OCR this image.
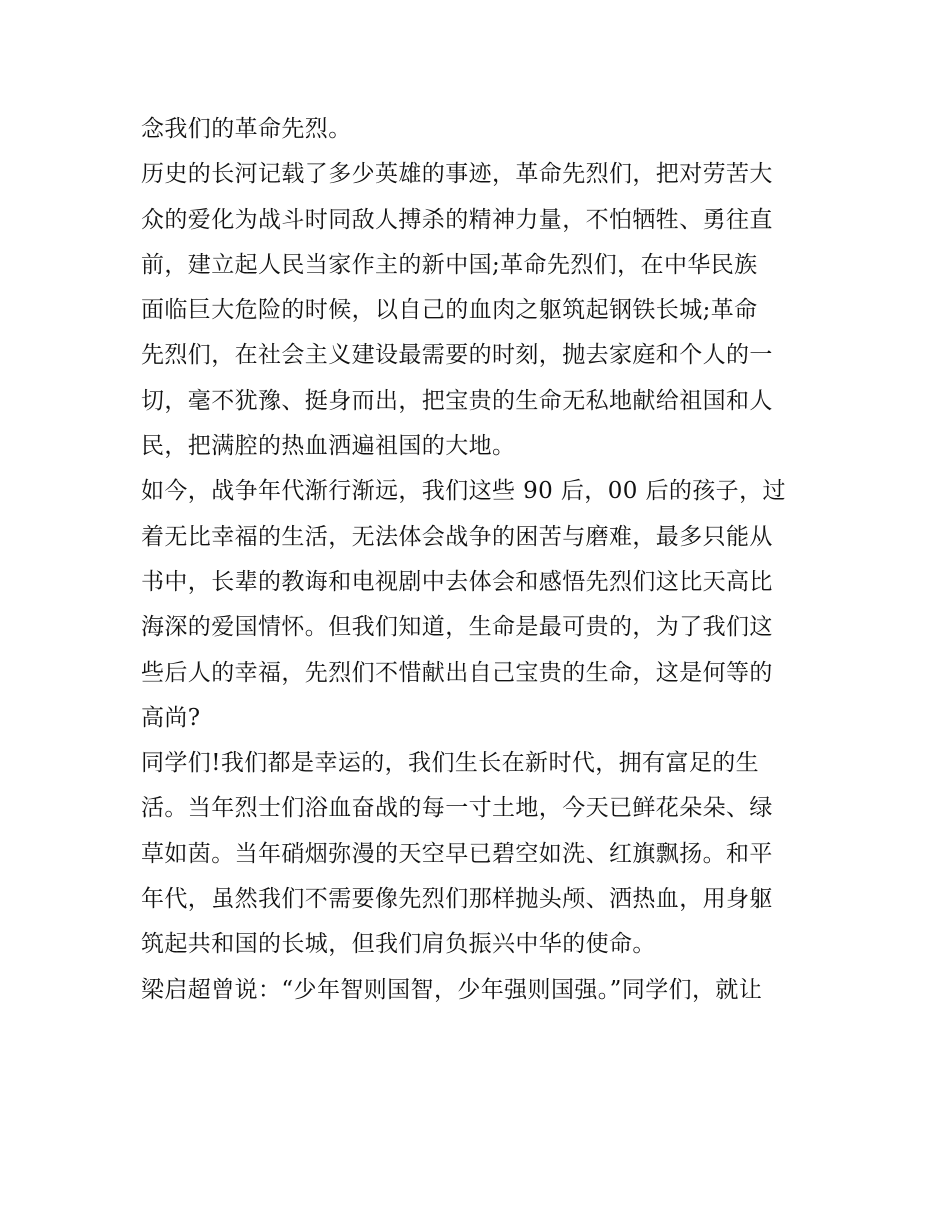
念我们的革命先烈。
历史的长河记载了多少英雄的事迹，革命先烈们，把对劳苦大
众的爱化为战斗时同敌人搏杀的精神力量，不怕牺牲、勇往直
前，建立起人民当家作主的新中国;革命先烈们，在中华民族
面临巨大危险的时候，以自己的血肉之躯筑起钢铁长城;革命
先烈们，在社会主义建设最需要的时刻，抛去家庭和个人的一
切，毫不犹豫、挺身而出，把宝贵的生命无私地献给祖国和人
民，把满腔的热血洒遍祖国的大地。
如今，战争年代渐行渐远，我们这些 90 后，00 后的孩子，过
着无比幸福的生活，无法体会战争的困苦与磨难，最多只能从
书中，长辈的教诲和电视剧中去体会和感悟先烈们这比天高比
海深的爱国情怀。但我们知道，生命是最可贵的，为了我们这
些后人的幸福，先烈们不惜献出自己宝贵的生命，这是何等的
高尚?
同学们!我们都是幸运的，我们生长在新时代，拥有富足的生
活。当年烈士们浴血奋战的每一寸土地，今天已鲜花朵朵、绿
草如茵。当年硝烟弥漫的天空早已碧空如洗、红旗飘扬。和平
年代，虽然我们不需要像先烈们那样抛头颅、洒热血，用身躯
筑起共和国的长城，但我们肩负振兴中华的使命。
梁启超曾说：“少年智则国智，少年强则国强。”同学们，就让
